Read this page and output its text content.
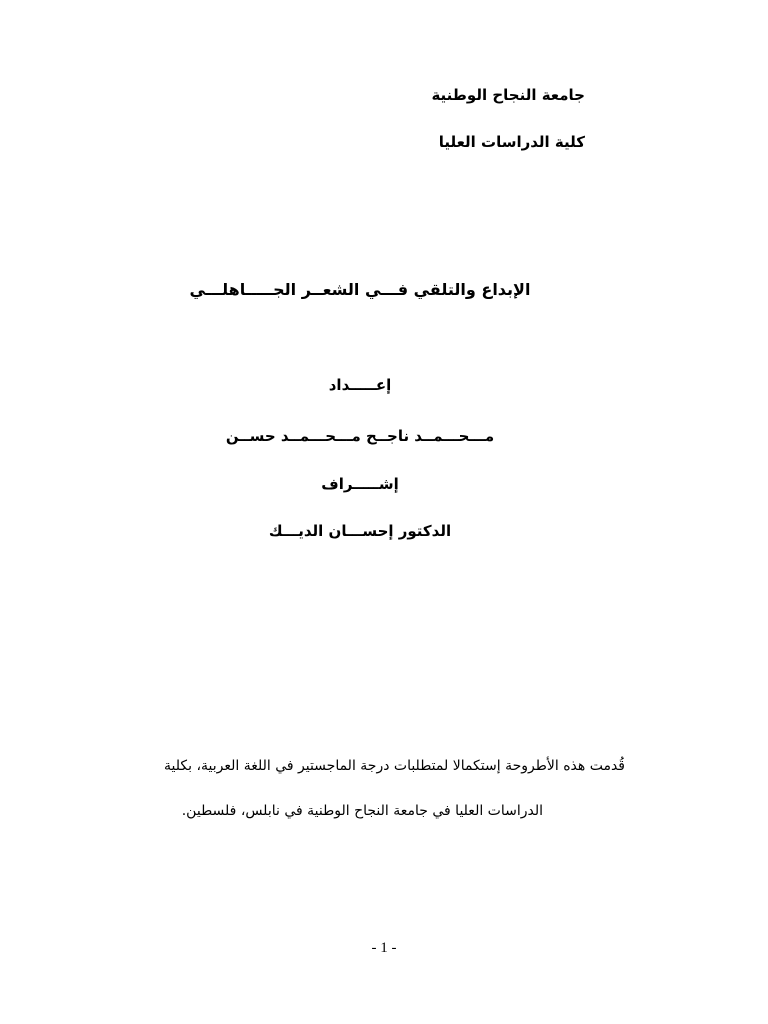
جامعة النجاح الوطنية
كلية الدراسات العليا
الإبداع والتلقي فـــي الشعــر الجـــــاهلـــي
إعـــــداد
مـــحـــمــد ناجــح مـــحـــمــد حســن
إشـــــراف
الدكتور إحســـان الديـــك
قُدمت هذه الأطروحة إستكمالا لمتطلبات درجة الماجستير في اللغة العربية، بكلية
الدراسات العليا في جامعة النجاح الوطنية في نابلس، فلسطين.
- 1 -
